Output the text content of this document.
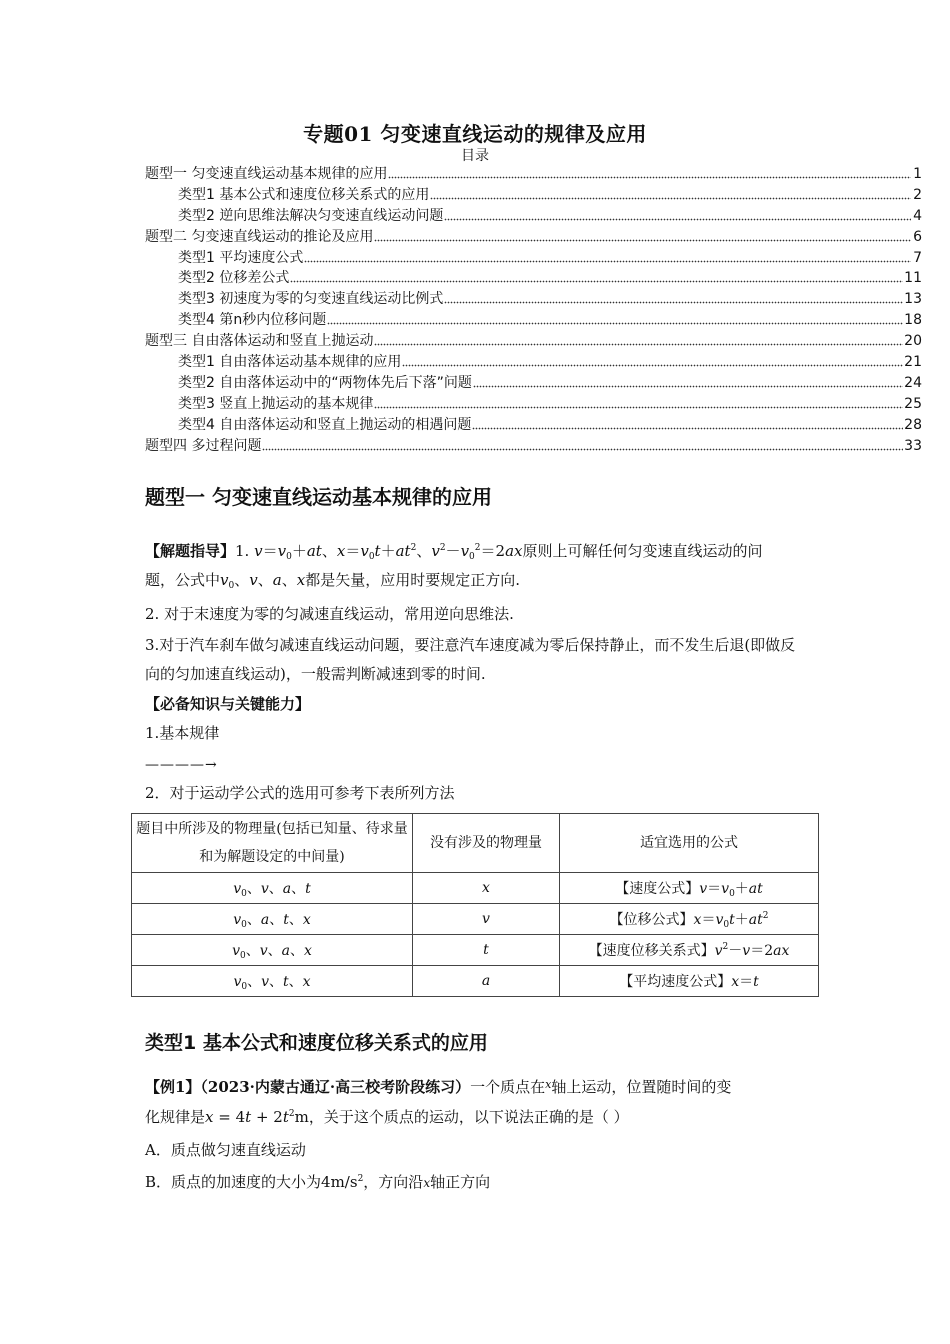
专题01 匀变速直线运动的规律及应用
目录
题型一 匀变速直线运动基本规律的应用	1
类型1 基本公式和速度位移关系式的应用	2
类型2 逆向思维法解决匀变速直线运动问题	4
题型二 匀变速直线运动的推论及应用	6
类型1 平均速度公式	7
类型2 位移差公式	11
类型3 初速度为零的匀变速直线运动比例式	13
类型4 第n秒内位移问题	18
题型三 自由落体运动和竖直上抛运动	20
类型1 自由落体运动基本规律的应用	21
类型2 自由落体运动中的“两物体先后下落”问题	24
类型3 竖直上抛运动的基本规律	25
类型4 自由落体运动和竖直上抛运动的相遇问题	28
题型四 多过程问题	33
题型一 匀变速直线运动基本规律的应用
【解题指导】1. $v=v_0+at$、$x=v_0t+at^2$、$v^2-v_0^2=2ax$原则上可解任何匀变速直线运动的问
题，公式中$v_0$、v、a、x都是矢量，应用时要规定正方向.
2. 对于末速度为零的匀减速直线运动，常用逆向思维法.
3.对于汽车刹车做匀减速直线运动问题，要注意汽车速度减为零后保持静止，而不发生后退(即做反向的匀加速直线运动)，一般需判断减速到零的时间.
【必备知识与关键能力】
1.基本规律
————→
2．对于运动学公式的选用可参考下表所列方法
题目中所涉及的物理量(包括已知量、待求量和为解题设定的中间量)	没有涉及的物理量	适宜选用的公式
$v_0$、v、a、t	x	【速度公式】$v=v_0+at$
$v_0$、a、t、x	v	【位移公式】$x=v_0t+at^2$
$v_0$、v、a、x	t	【速度位移关系式】$v^2-v=2ax$
$v_0$、v、t、x	a	【平均速度公式】x＝t
类型1 基本公式和速度位移关系式的应用
【例1】（2023·内蒙古通辽·高三校考阶段练习）一个质点在$^x$轴上运动，位置随时间的变
化规律是$x = 4t + 2t^2m$，关于这个质点的运动，以下说法正确的是（ ）
A．质点做匀速直线运动
B．质点的加速度的大小为$4m/s^2$，方向沿x轴正方向
